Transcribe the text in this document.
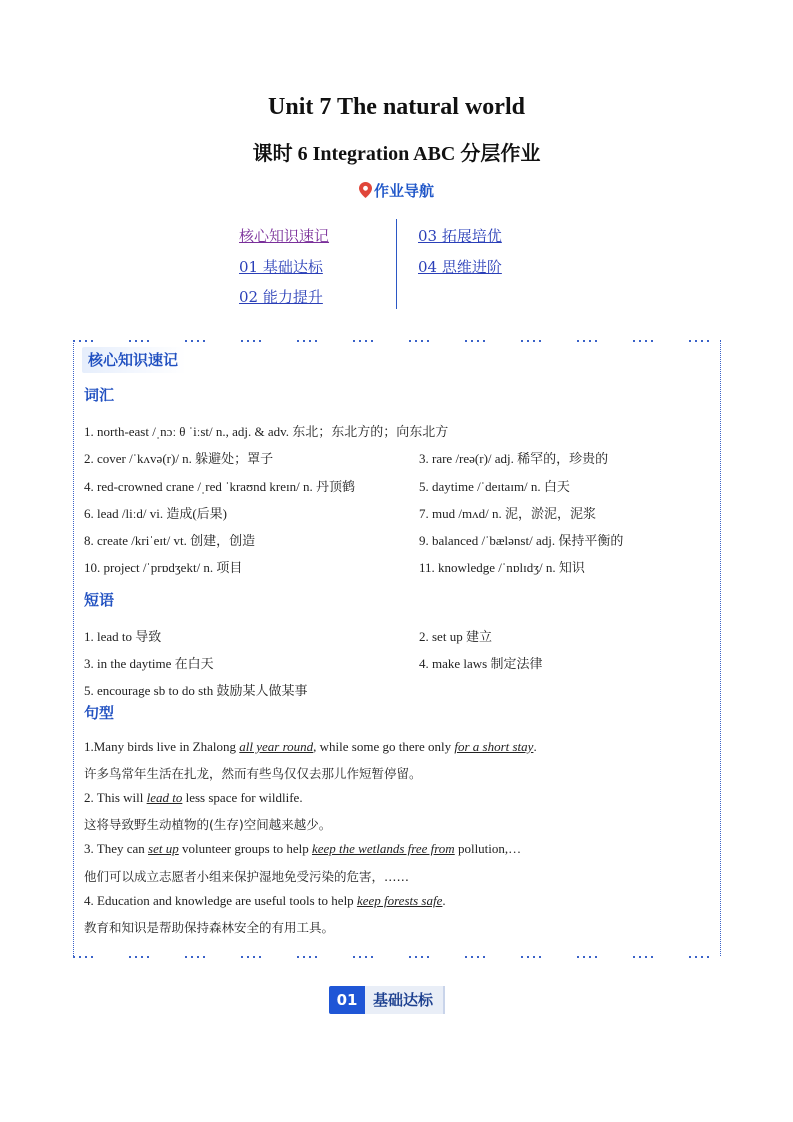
Unit 7 The natural world
课时 6 Integration ABC 分层作业
作业导航
核心知识速记
01 基础达标
02 能力提升
03 拓展培优
04 思维进阶
核心知识速记
词汇
1. north-east /ˌnɔː θ ˈiːst/ n., adj. & adv. 东北；东北方的；向东北方
2. cover /ˈkʌvə(r)/ n. 躲避处；罩子	3. rare /reə(r)/ adj. 稀罕的，珍贵的
4. red-crowned crane /ˌred ˈkraʊnd kreɪn/ n. 丹顶鹤	5. daytime /ˈdeɪtaɪm/ n. 白天
6. lead /liːd/ vi. 造成(后果)	7. mud /mʌd/ n. 泥，淤泥，泥浆
8. create /kriˈeɪt/ vt. 创建，创造	9. balanced /ˈbælənst/ adj. 保持平衡的
10. project /ˈprɒdʒekt/ n. 项目	11. knowledge /ˈnɒlɪdʒ/ n. 知识
短语
1. lead to 导致	2. set up 建立
3. in the daytime 在白天	4. make laws 制定法律
5. encourage sb to do sth 鼓励某人做某事
句型
1.Many birds live in Zhalong all year round, while some go there only for a short stay.
许多鸟常年生活在扎龙，然而有些鸟仅仅去那儿作短暂停留。
2. This will lead to less space for wildlife.
这将导致野生动植物的(生存)空间越来越少。
3. They can set up volunteer groups to help keep the wetlands free from pollution,…
他们可以成立志愿者小组来保护湿地免受污染的危害，……
4. Education and knowledge are useful tools to help keep forests safe.
教育和知识是帮助保持森林安全的有用工具。
01	基础达标
